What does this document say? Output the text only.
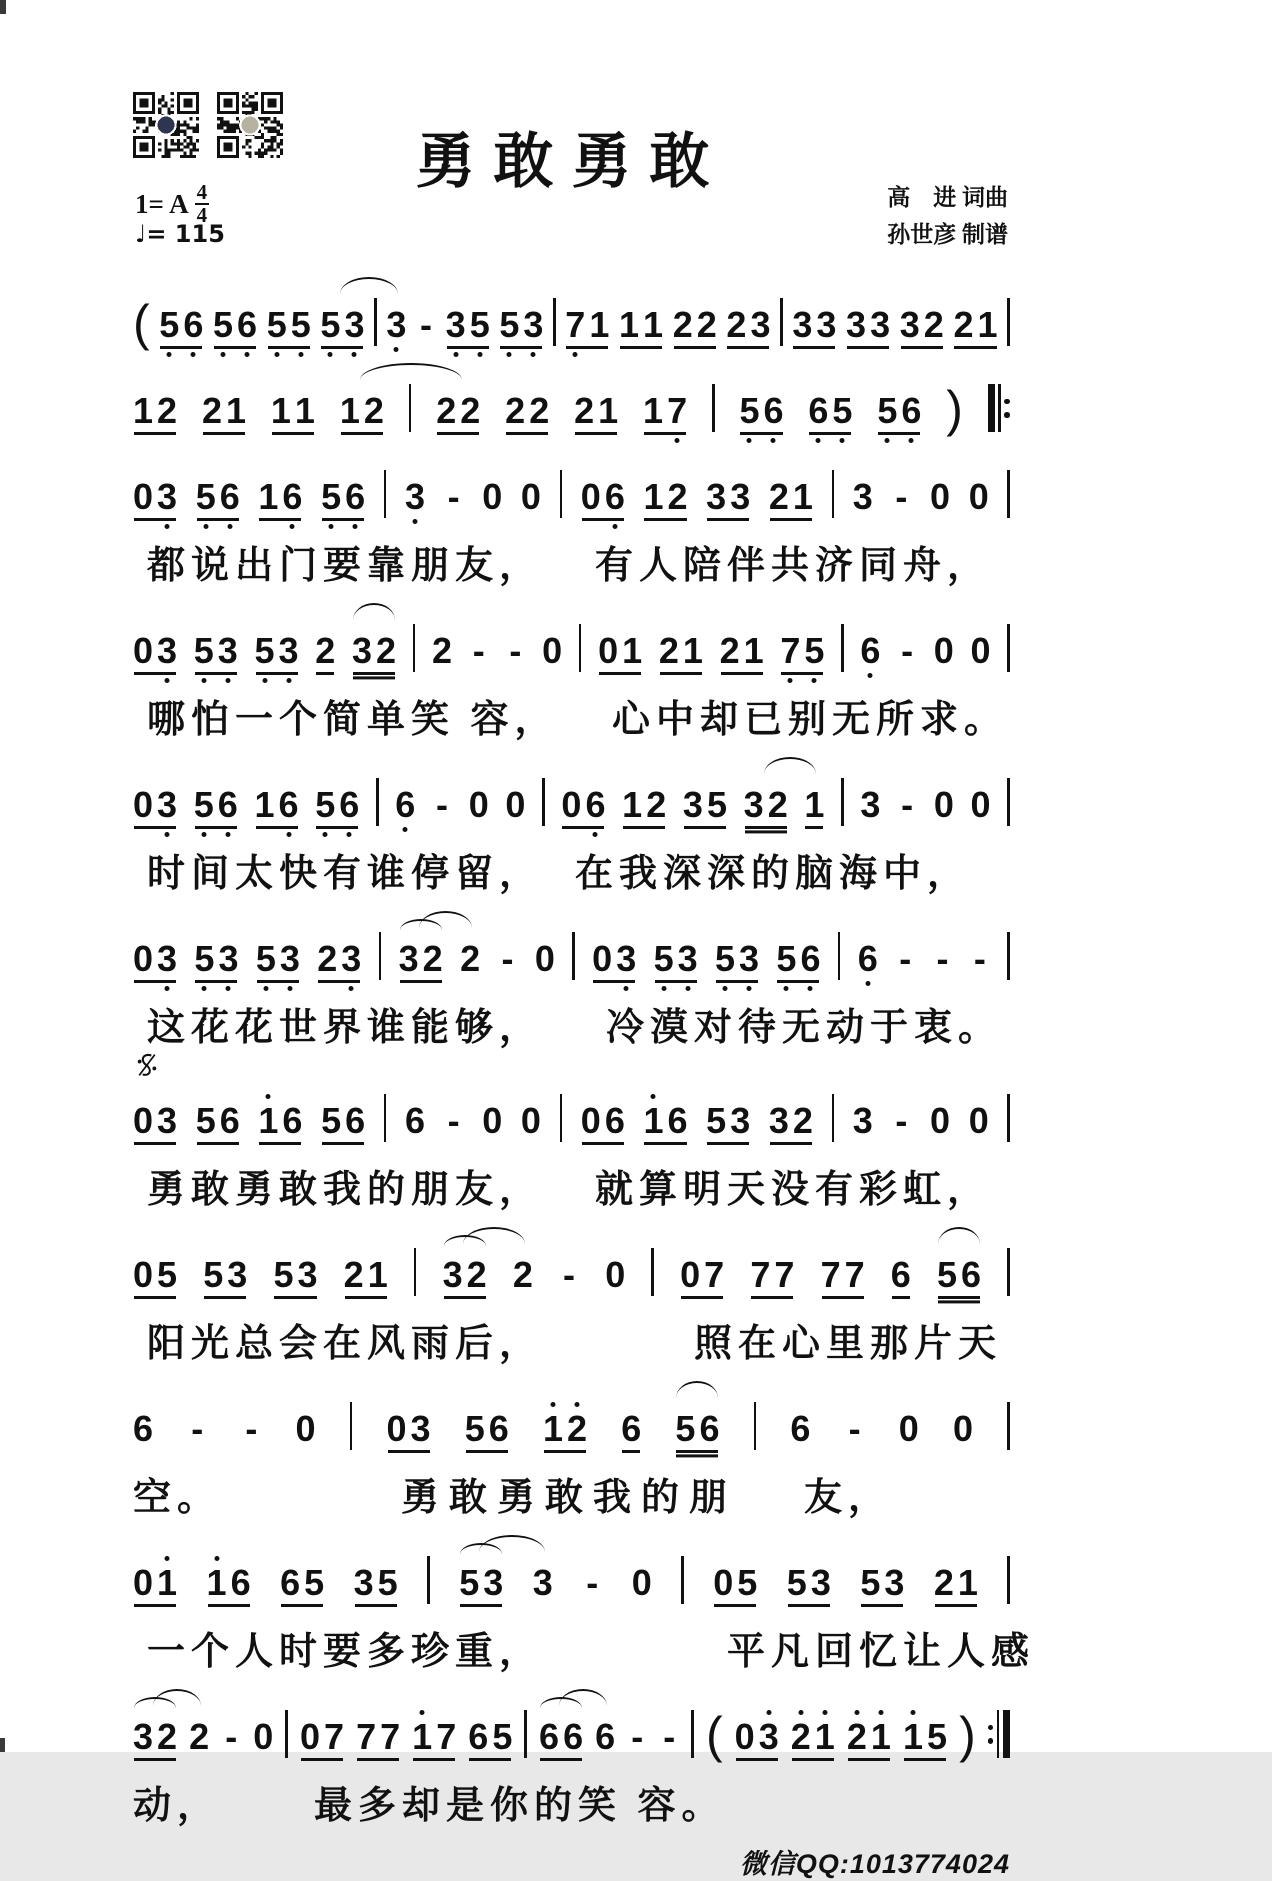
勇敢勇敢
1= A $\frac{4}{4}$
♩= 115
高　进 词曲
孙世彦 制谱
( 5 6 5 6 5 5 5 3 3 - 3 5 5 3 7 1 1 1 2 2 2 3 3 3 3 3 3 2 2 1
1 2 2 1 1 1 1 2 2 2 2 2 2 1 1 7 5 6 6 5 5 6 )
0 3 5 6 1 6 5 6 3 - 0 0 0 6 1 2 3 3 2 1 3 - 0 0
都说出门要靠朋友， 有人陪伴共济同舟，
0 3 5 3 5 3 2 3 2 2 - - 0 0 1 2 1 2 1 7 5 6 - 0 0
哪怕一个简单笑 容， 心中却已别无所求。
0 3 5 6 1 6 5 6 6 - 0 0 0 6 1 2 3 5 3 2 1 3 - 0 0
时间太快有谁停留， 在我深深的脑海中，
0 3 5 3 5 3 2 3 3 2 2 - 0 0 3 5 3 5 3 5 6 6 - - -
这花花世界谁能够， 冷漠对待无动于衷。
0 3 5 6 1 6 5 6 6 - 0 0 0 6 1 6 5 3 3 2 3 - 0 0
勇敢勇敢我的朋友， 就算明天没有彩虹，
0 5 5 3 5 3 2 1 3 2 2 - 0 0 7 7 7 7 7 6 5 6
阳光总会在风雨后，	照在心里那片天
6 - - 0 0 3 5 6 1 2 6 5 6 6 - 0 0
空。	勇敢勇敢我的朋 友，
0 1 1 6 6 5 3 5 5 3 3 - 0 0 5 5 3 5 3 2 1
一个人时要多珍重，	平凡回忆让人感
3 2 2 - 0 0 7 7 7 1 7 6 5 6 6 6 - - ( 0 3 2 1 2 1 1 5 )
动， 最多却是你的笑 容。
微信QQ:1013774024
